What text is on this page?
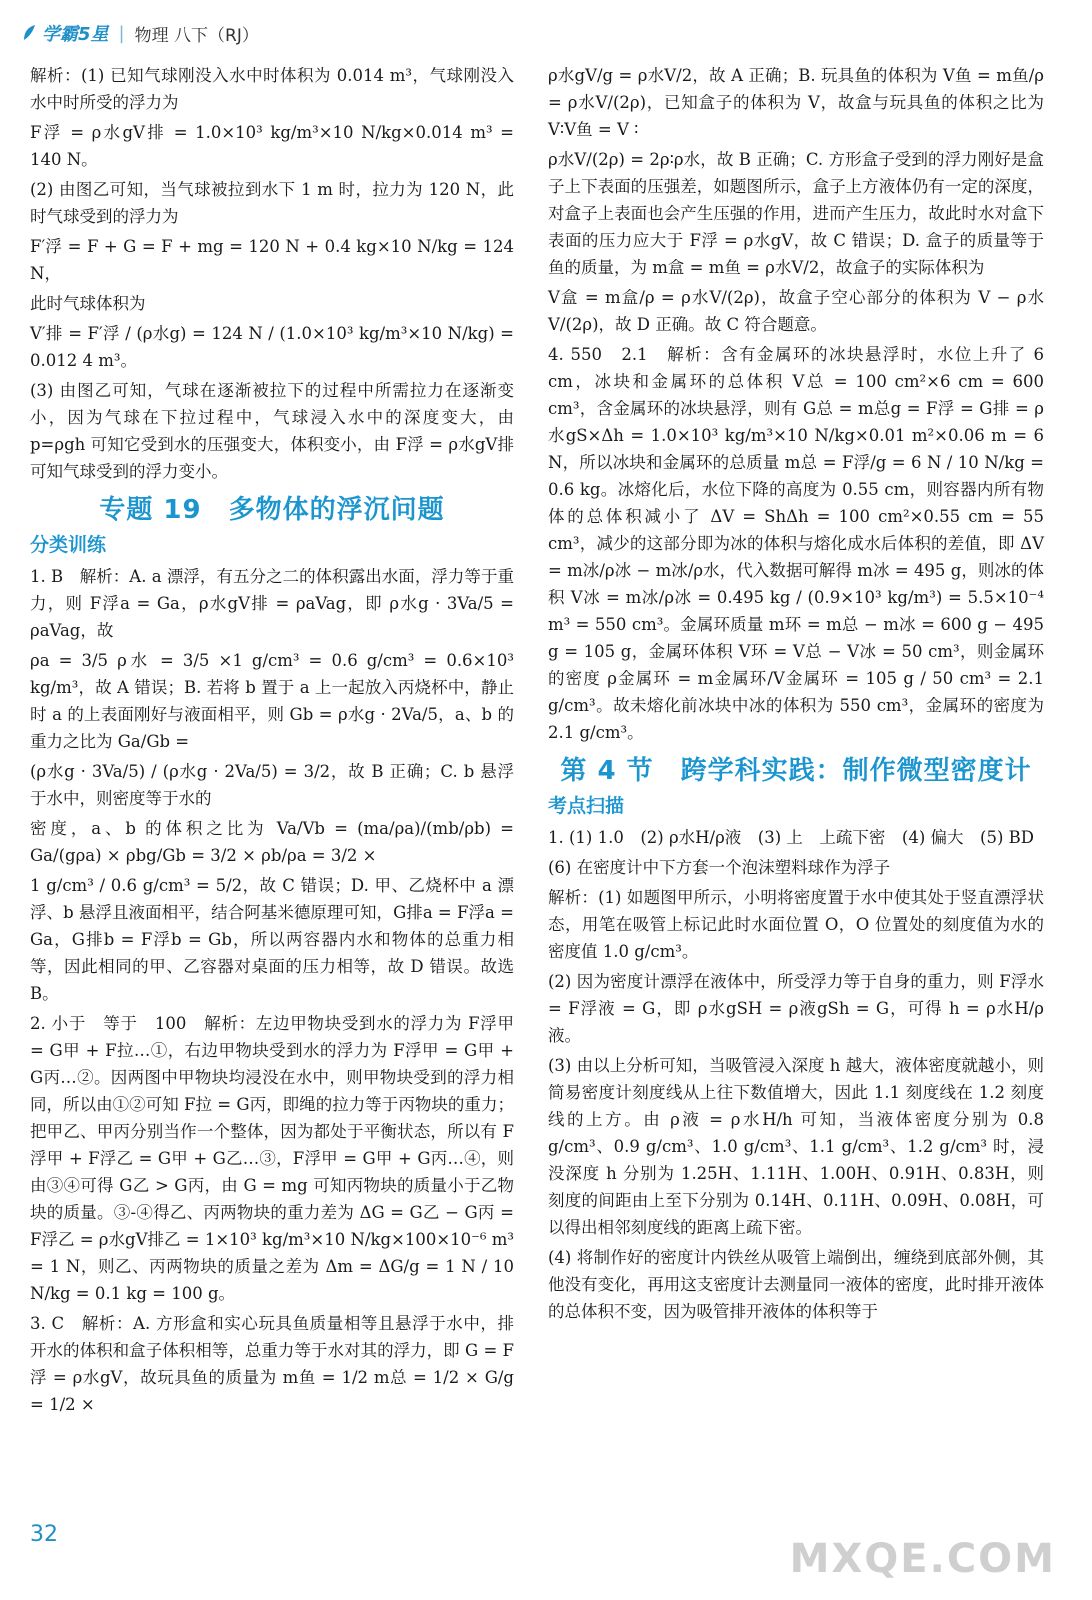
学霸5星 | 物理 八下（RJ）

解析：(1) 已知气球刚没入水中时体积为 0.014 m³，气球刚没入水中时所受的浮力为

F浮 = ρ水gV排 = 1.0×10³ kg/m³×10 N/kg×0.014 m³ = 140 N。

(2) 由图乙可知，当气球被拉到水下 1 m 时，拉力为 120 N，此时气球受到的浮力为

F′浮 = F + G = F + mg = 120 N + 0.4 kg×10 N/kg = 124 N，

此时气球体积为

V′排 = F′浮 / (ρ水g) = 124 N / (1.0×10³ kg/m³×10 N/kg) = 0.012 4 m³。

(3) 由图乙可知，气球在逐渐被拉下的过程中所需拉力在逐渐变小，因为气球在下拉过程中，气球浸入水中的深度变大，由 p=ρgh 可知它受到水的压强变大，体积变小，由 F浮 = ρ水gV排 可知气球受到的浮力变小。

专题 19　多物体的浮沉问题
分类训练

1. B　解析：A. a 漂浮，有五分之二的体积露出水面，浮力等于重力，则 F浮a = Ga，ρ水gV排 = ρaVag，即 ρ水g · 3Va/5 = ρaVag，故

ρa = 3/5 ρ水 = 3/5 ×1 g/cm³ = 0.6 g/cm³ = 0.6×10³ kg/m³，故 A 错误；B. 若将 b 置于 a 上一起放入丙烧杯中，静止时 a 的上表面刚好与液面相平，则 Gb = ρ水g · 2Va/5，a、b 的重力之比为 Ga/Gb =

(ρ水g · 3Va/5) / (ρ水g · 2Va/5) = 3/2，故 B 正确；C. b 悬浮于水中，则密度等于水的

密度，a、b 的体积之比为 Va/Vb = (ma/ρa)/(mb/ρb) = Ga/(gρa) × ρbg/Gb = 3/2 × ρb/ρa = 3/2 ×

1 g/cm³ / 0.6 g/cm³ = 5/2，故 C 错误；D. 甲、乙烧杯中 a 漂浮、b 悬浮且液面相平，结合阿基米德原理可知，G排a = F浮a = Ga，G排b = F浮b = Gb，所以两容器内水和物体的总重力相等，因此相同的甲、乙容器对桌面的压力相等，故 D 错误。故选 B。

2. 小于　等于　100　解析：左边甲物块受到水的浮力为 F浮甲 = G甲 + F拉…①，右边甲物块受到水的浮力为 F浮甲 = G甲 + G丙…②。因两图中甲物块均浸没在水中，则甲物块受到的浮力相同，所以由①②可知 F拉 = G丙，即绳的拉力等于丙物块的重力；把甲乙、甲丙分别当作一个整体，因为都处于平衡状态，所以有 F浮甲 + F浮乙 = G甲 + G乙…③，F浮甲 = G甲 + G丙…④，则由③④可得 G乙 > G丙，由 G = mg 可知丙物块的质量小于乙物块的质量。③-④得乙、丙两物块的重力差为 ΔG = G乙 − G丙 = F浮乙 = ρ水gV排乙 = 1×10³ kg/m³×10 N/kg×100×10⁻⁶ m³ = 1 N，则乙、丙两物块的质量之差为 Δm = ΔG/g = 1 N / 10 N/kg = 0.1 kg = 100 g。

3. C　解析：A. 方形盒和实心玩具鱼质量相等且悬浮于水中，排开水的体积和盒子体积相等，总重力等于水对其的浮力，即 G = F浮 = ρ水gV，故玩具鱼的质量为 m鱼 = 1/2 m总 = 1/2 × G/g = 1/2 ×

ρ水gV/g = ρ水V/2，故 A 正确；B. 玩具鱼的体积为 V鱼 = m鱼/ρ = ρ水V/(2ρ)，已知盒子的体积为 V，故盒与玩具鱼的体积之比为 V∶V鱼 = V ∶

ρ水V/(2ρ) = 2ρ∶ρ水，故 B 正确；C. 方形盒子受到的浮力刚好是盒子上下表面的压强差，如题图所示，盒子上方液体仍有一定的深度，对盒子上表面也会产生压强的作用，进而产生压力，故此时水对盒下表面的压力应大于 F浮 = ρ水gV，故 C 错误；D. 盒子的质量等于鱼的质量，为 m盒 = m鱼 = ρ水V/2，故盒子的实际体积为

V盒 = m盒/ρ = ρ水V/(2ρ)，故盒子空心部分的体积为 V − ρ水V/(2ρ)，故 D 正确。故 C 符合题意。

4. 550　2.1　解析：含有金属环的冰块悬浮时，水位上升了 6 cm，冰块和金属环的总体积 V总 = 100 cm²×6 cm = 600 cm³，含金属环的冰块悬浮，则有 G总 = m总g = F浮 = G排 = ρ水gS×Δh = 1.0×10³ kg/m³×10 N/kg×0.01 m²×0.06 m = 6 N，所以冰块和金属环的总质量 m总 = F浮/g = 6 N / 10 N/kg = 0.6 kg。冰熔化后，水位下降的高度为 0.55 cm，则容器内所有物体的总体积减小了 ΔV = ShΔh = 100 cm²×0.55 cm = 55 cm³，减少的这部分即为冰的体积与熔化成水后体积的差值，即 ΔV = m冰/ρ冰 − m冰/ρ水，代入数据可解得 m冰 = 495 g，则冰的体积 V冰 = m冰/ρ冰 = 0.495 kg / (0.9×10³ kg/m³) = 5.5×10⁻⁴ m³ = 550 cm³。金属环质量 m环 = m总 − m冰 = 600 g − 495 g = 105 g，金属环体积 V环 = V总 − V冰 = 50 cm³，则金属环的密度 ρ金属环 = m金属环/V金属环 = 105 g / 50 cm³ = 2.1 g/cm³。故未熔化前冰块中冰的体积为 550 cm³，金属环的密度为 2.1 g/cm³。

第 4 节　跨学科实践：制作微型密度计
考点扫描

1. (1) 1.0　(2) ρ水H/ρ液　(3) 上　上疏下密　(4) 偏大　(5) BD

(6) 在密度计中下方套一个泡沫塑料球作为浮子

解析：(1) 如题图甲所示，小明将密度置于水中使其处于竖直漂浮状态，用笔在吸管上标记此时水面位置 O，O 位置处的刻度值为水的密度值 1.0 g/cm³。

(2) 因为密度计漂浮在液体中，所受浮力等于自身的重力，则 F浮水 = F浮液 = G，即 ρ水gSH = ρ液gSh = G，可得 h = ρ水H/ρ液。

(3) 由以上分析可知，当吸管浸入深度 h 越大，液体密度就越小，则简易密度计刻度线从上往下数值增大，因此 1.1 刻度线在 1.2 刻度线的上方。由 ρ液 = ρ水H/h 可知，当液体密度分别为 0.8 g/cm³、0.9 g/cm³、1.0 g/cm³、1.1 g/cm³、1.2 g/cm³ 时，浸没深度 h 分别为 1.25H、1.11H、1.00H、0.91H、0.83H，则刻度的间距由上至下分别为 0.14H、0.11H、0.09H、0.08H，可以得出相邻刻度线的距离上疏下密。

(4) 将制作好的密度计内铁丝从吸管上端倒出，缠绕到底部外侧，其他没有变化，再用这支密度计去测量同一液体的密度，此时排开液体的总体积不变，因为吸管排开液体的体积等于

32
MXQE.COM
